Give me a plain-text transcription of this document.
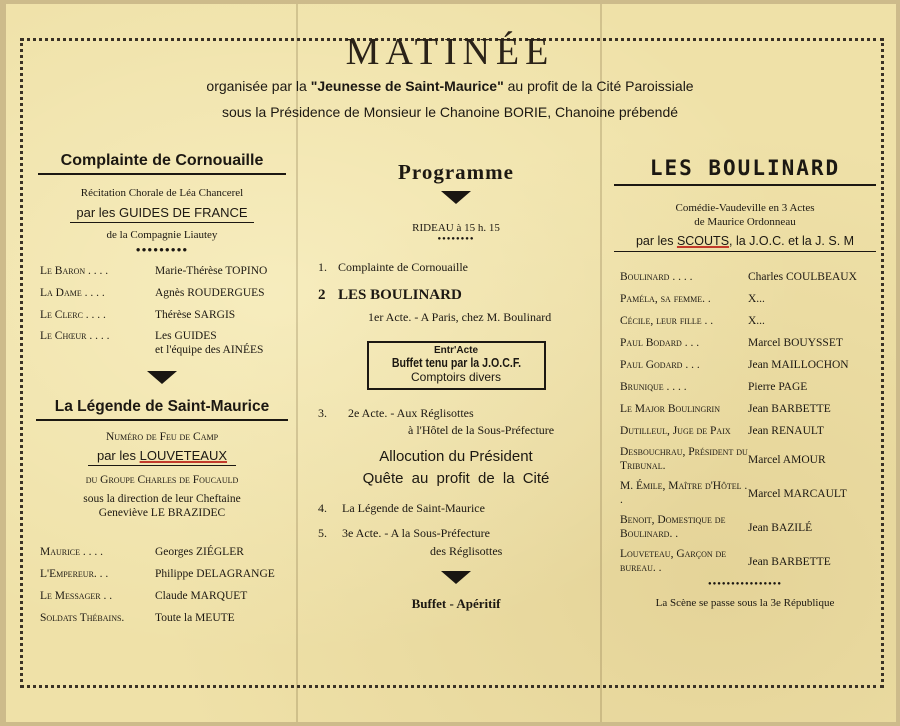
MATINÉE
organisée par la "Jeunesse de Saint-Maurice" au profit de la Cité Paroissiale
sous la Présidence de Monsieur le Chanoine BORIE, Chanoine prébendé
Complainte de Cornouaille
Récitation Chorale de Léa Chancerel
par les GUIDES DE FRANCE
de la Compagnie Liautey
●●●●●●●●●
Le Baron . . . .	Marie-Thérèse TOPINO
La Dame . . . .	Agnès ROUDERGUES
Le Clerc . . . .	Thérèse SARGIS
Le Chœur . . . .	Les GUIDES
et l'équipe des AINÉES
La Légende de Saint-Maurice
Numéro de Feu de Camp
par les LOUVETEAUX
du Groupe Charles de Foucauld
sous la direction de leur Cheftaine
Geneviève LE BRAZIDEC
Maurice . . . .	Georges ZIÉGLER
L'Empereur. . .	Philippe DELAGRANGE
Le Messager . .	Claude MARQUET
Soldats Thébains.	Toute la MEUTE
Programme
RIDEAU à 15 h. 15
●●●●●●●●
1. Complainte de Cornouaille
2 LES BOULINARD
1er Acte. - A Paris, chez M. Boulinard
Entr'Acte
Buffet tenu par la J.O.C.F.
Comptoirs divers
3.	2e Acte. - Aux Réglisottes
à l'Hôtel de la Sous-Préfecture
Allocution du Président
Quête au profit de la Cité
4.	La Légende de Saint-Maurice
5.	3e Acte. - A la Sous-Préfecture
des Réglisottes
Buffet - Apéritif
LES BOULINARD
Comédie-Vaudeville en 3 Actes
de Maurice Ordonneau
par les SCOUTS, la J.O.C. et la J. S. M
Boulinard . . . .	Charles COULBEAUX
Paméla, sa femme. .	X...
Cécile, leur fille . .	X...
Paul Bodard . . .	Marcel BOUYSSET
Paul Godard . . .	Jean MAILLOCHON
Brunique . . . .	Pierre PAGE
Le Major Boulingrin	Jean BARBETTE
Dutilleul, Juge de Paix	Jean RENAULT
Desbouchrau, Président du Tribunal.	Marcel AMOUR
M. Émile, Maître d'Hôtel . .	Marcel MARCAULT
Benoit, Domestique de Boulinard. .	Jean BAZILÉ
Louveteau, Garçon de bureau. .	Jean BARBETTE
●●●●●●●●●●●●●●●●
La Scène se passe sous la 3e République
